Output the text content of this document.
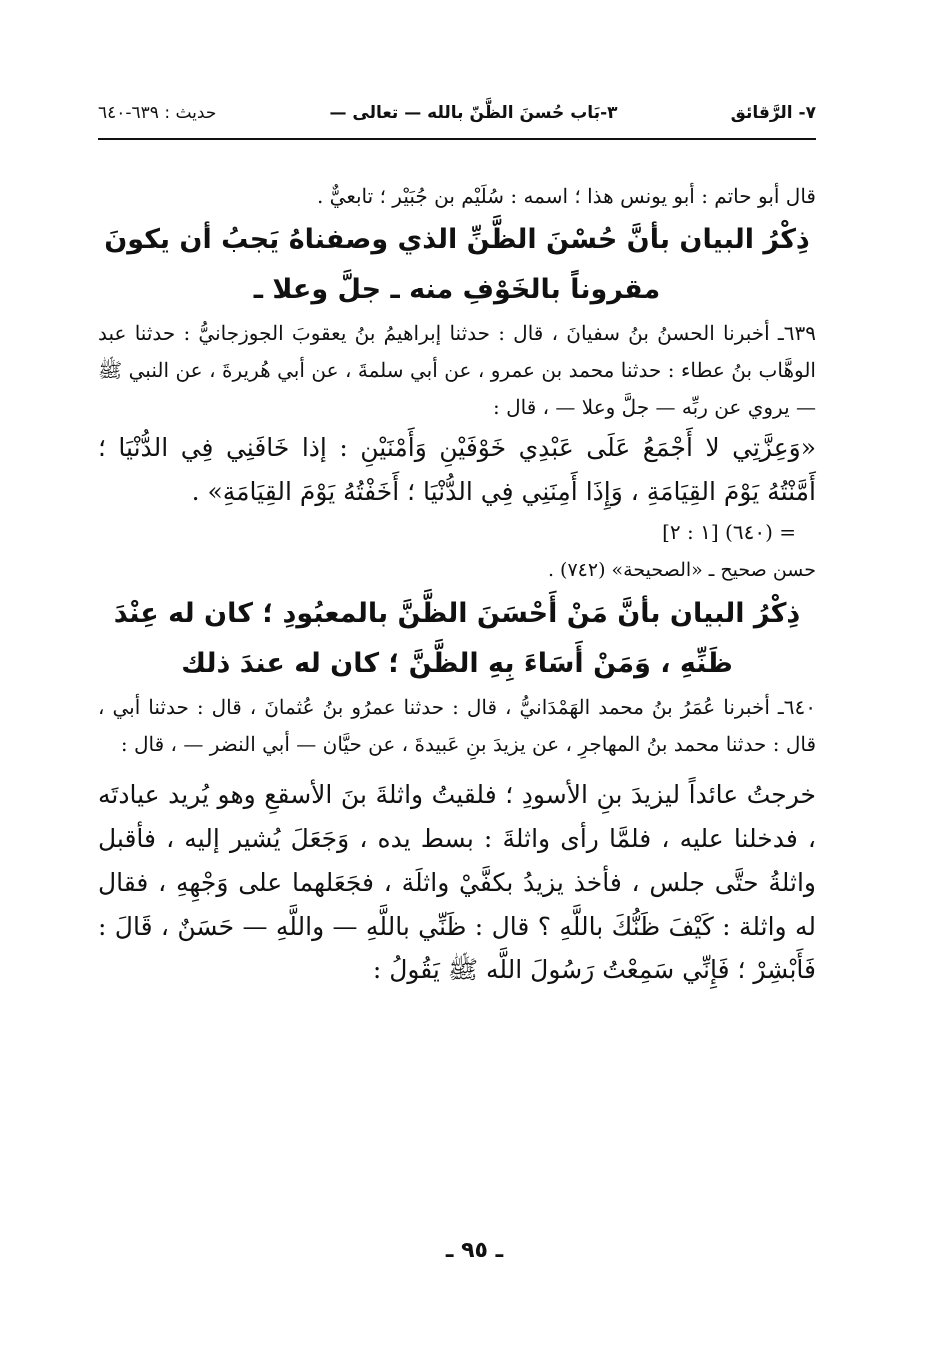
٧- الرَّقائق
٣-بَاب حُسنَ الظَّنّ بالله — تعالى —
حديث : ٦٣٩-٦٤٠

قال أبو حاتم : أبو يونس هذا ؛ اسمه : سُلَيْم بن جُبَيْر ؛ تابعيٌّ .

ذِكْرُ البيان بأنَّ حُسْنَ الظَّنِّ الذي وصفناهُ يَجبُ أن يكونَ مقروناً بالخَوْفِ منه ـ جلَّ وعلا ـ

٦٣٩ـ أخبرنا الحسنُ بنُ سفيانَ ، قال : حدثنا إبراهيمُ بنُ يعقوبَ الجوزجانيُّ : حدثنا عبد الوهَّاب بنُ عطاء : حدثنا محمد بن عمرو ، عن أبي سلمةَ ، عن أبي هُريرةَ ، عن النبي ﷺ — يروي عن ربِّه — جلَّ وعلا — ، قال :

«وَعِزَّتِي لا أَجْمَعُ عَلَى عَبْدِي خَوْفَيْنِ وَأَمْنَيْنِ : إذا خَافَنِي فِي الدُّنْيَا ؛ أَمَّنْتُهُ يَوْمَ القِيَامَةِ ، وَإِذَا أَمِنَنِي فِي الدُّنْيَا ؛ أَخَفْتُهُ يَوْمَ القِيَامَةِ» .

= (٦٤٠) [١ : ٢]

حسن صحيح ـ «الصحيحة» (٧٤٢) .

ذِكْرُ البيان بأنَّ مَنْ أَحْسَنَ الظَّنَّ بالمعبُودِ ؛ كان له عِنْدَ ظَنِّهِ ، وَمَنْ أَسَاءَ بِهِ الظَّنَّ ؛ كان له عندَ ذلك

٦٤٠ـ أخبرنا عُمَرُ بنُ محمد الهَمْدَانيُّ ، قال : حدثنا عمرُو بنُ عُثمانَ ، قال : حدثنا أبي ، قال : حدثنا محمد بنُ المهاجرِ ، عن يزيدَ بنِ عَبيدةَ ، عن حيَّان — أبي النضر — ، قال :

خرجتُ عائداً ليزيدَ بنِ الأسودِ ؛ فلقيتُ واثلةَ بنَ الأسقعِ وهو يُريد عيادتَه ، فدخلنا عليه ، فلمَّا رأى واثلةَ : بسط يده ، وَجَعَلَ يُشير إليه ، فأقبل واثلةُ حتَّى جلس ، فأخذ يزيدُ بكفَّيْ واثلَة ، فجَعَلهما على وَجْهِهِ ، فقال له واثلة : كَيْفَ ظَنُّكَ باللَّهِ ؟ قال : ظَنِّي باللَّهِ — واللَّهِ — حَسَنٌ ، قَالَ : فَأَبْشِرْ ؛ فَإِنِّي سَمِعْتُ رَسُولَ اللَّه ﷺ يَقُولُ :

ـ ٩٥ ـ
